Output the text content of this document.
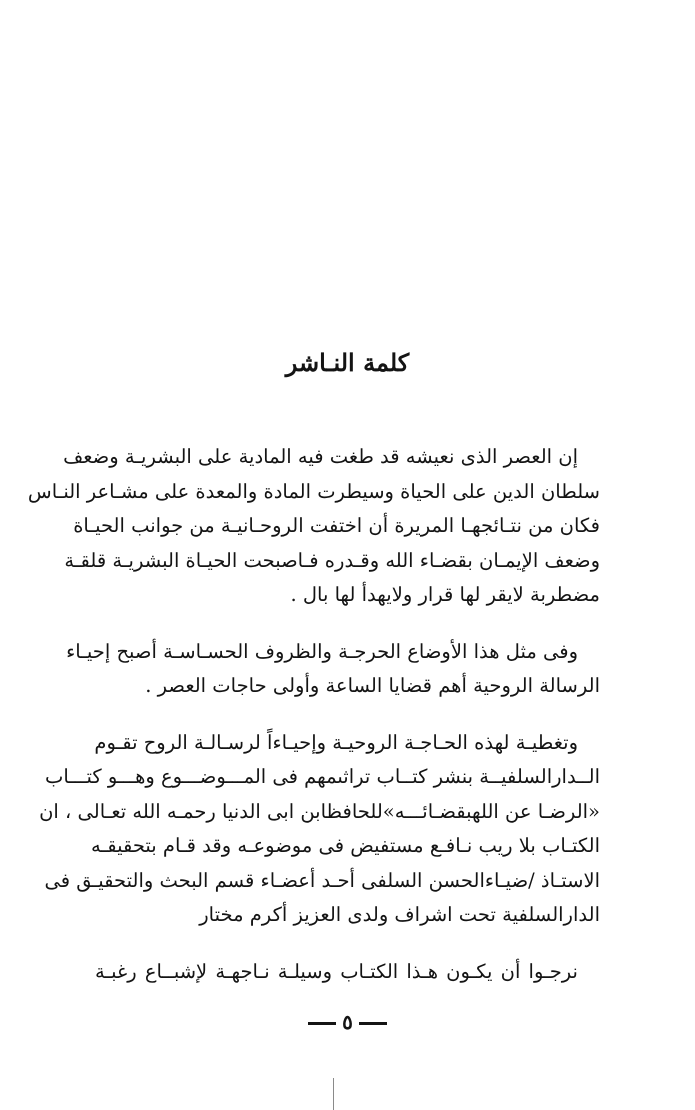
كلمة النـاشر

إن العصر الذى نعيشه قد طغت فيه المادية على البشريـة وضعف
سلطان الدين على الحياة وسيطرت المادة والمعدة على مشـاعر النـاس
فكان من نتـائجهـا المريرة أن اختفت الروحـانيـة من جوانب الحيـاة
وضعف الإيمـان بقضـاء الله وقـدره فـاصبحت الحيـاة البشريـة قلقـة
مضطربة لايقر لها قرار ولايهدأ لها بال .

وفى مثل هذا الأوضاع الحرجـة والظروف الحسـاسـة أصبح إحيـاء
الرسالة الروحية أهم قضايا الساعة وأولى حاجات العصر .

وتغطيـة لهذه الحـاجـة الروحيـة وإحيـاءاً لرسـالـة الروح تقـوم
الــدارالسلفيــة بنشر كتــاب تراثىمهم فى المـــوضـــوع وهـــو كتـــاب
«الرضـا عن اللهبقضـائـــه»للحافظابن ابى الدنيا رحمـه الله تعـالى ، ان
الكتـاب بلا ريب نـافـع مستفيض فى موضوعـه وقد قـام بتحقيقـه
الاستـاذ /ضيـاءالحسن السلفى أحـد أعضـاء قسم البحث والتحقيـق فى
الدارالسلفية تحت اشراف ولدى العزيز أكرم مختار

نرجـوا أن يكـون هـذا الكتـاب وسيلـة نـاجهـة لإشبــاع رغبـة

٥
